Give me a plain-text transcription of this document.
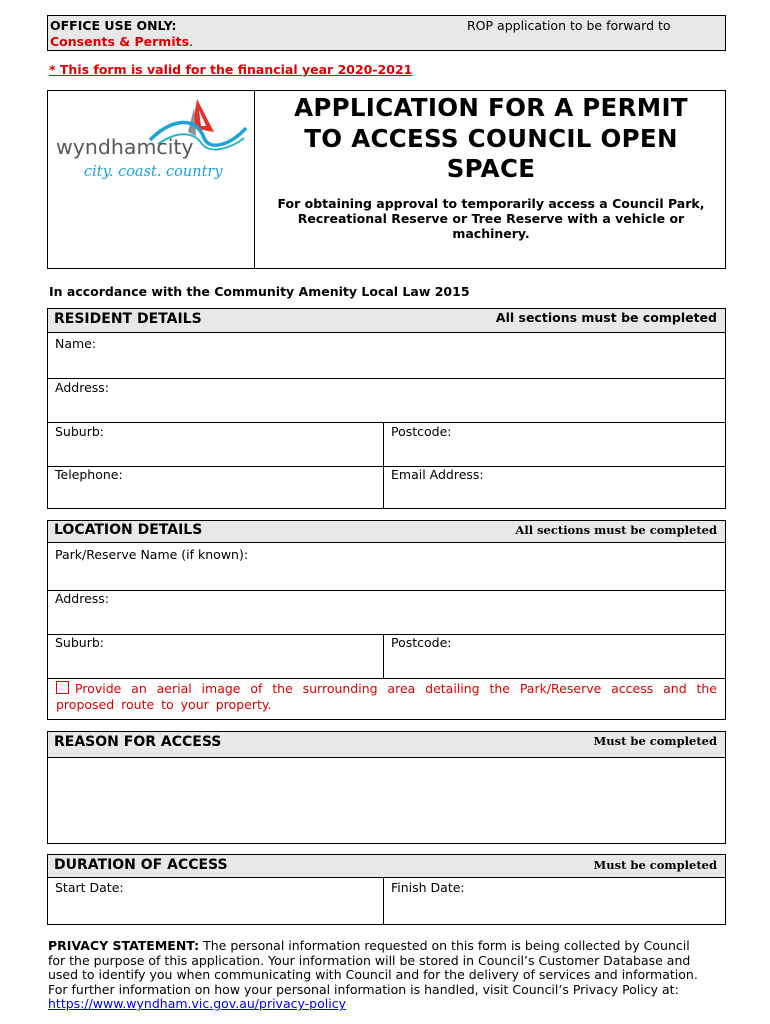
OFFICE USE ONLY:
Consents & Permits.
ROP application to be forward to
* This form is valid for the financial year 2020-2021
wyndhamcity
city. coast. country
APPLICATION FOR A PERMIT
TO ACCESS COUNCIL OPEN
SPACE
For obtaining approval to temporarily access a Council Park,
Recreational Reserve or Tree Reserve with a vehicle or
machinery.
In accordance with the Community Amenity Local Law 2015
RESIDENT DETAILS	All sections must be completed
Name:
Address:
Suburb:	Postcode:
Telephone:	Email Address:
LOCATION DETAILS	All sections must be completed
Park/Reserve Name (if known):
Address:
Suburb:	Postcode:
Provide an aerial image of the surrounding area detailing the Park/Reserve access and the proposed route to your property.
REASON FOR ACCESS	Must be completed
DURATION OF ACCESS	Must be completed
Start Date:	Finish Date:
PRIVACY STATEMENT: The personal information requested on this form is being collected by Council
for the purpose of this application. Your information will be stored in Council’s Customer Database and
used to identify you when communicating with Council and for the delivery of services and information.
For further information on how your personal information is handled, visit Council’s Privacy Policy at:
https://www.wyndham.vic.gov.au/privacy-policy
